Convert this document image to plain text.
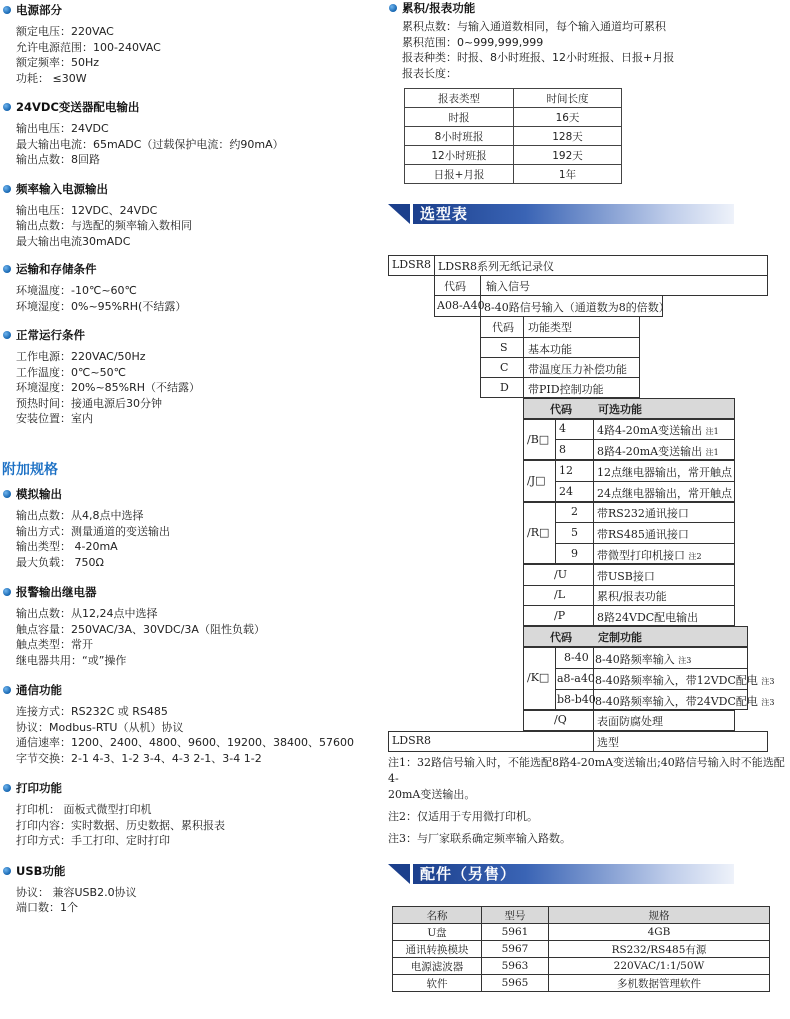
电源部分
额定电压：220VAC
允许电源范围：100-240VAC
额定频率：50Hz
功耗： ≤30W
24VDC变送器配电输出
输出电压：24VDC
最大输出电流：65mADC（过载保护电流：约90mA）
输出点数：8回路
频率输入电源输出
输出电压：12VDC、24VDC
输出点数：与选配的频率输入数相同
最大输出电流30mADC
运输和存储条件
环境温度：-10℃~60℃
环境湿度：0%~95%RH(不结露）
正常运行条件
工作电源：220VAC/50Hz
工作温度：0℃~50℃
环境湿度：20%~85%RH（不结露）
预热时间：接通电源后30分钟
安装位置：室内
附加规格
模拟输出
输出点数：从4,8点中选择
输出方式：测量通道的变送输出
输出类型： 4-20mA
最大负载： 750Ω
报警输出继电器
输出点数：从12,24点中选择
触点容量：250VAC/3A、30VDC/3A（阻性负载）
触点类型：常开
继电器共用：“或”操作
通信功能
连接方式：RS232C 或 RS485
协议：Modbus-RTU（从机）协议
通信速率：1200、2400、4800、9600、19200、38400、57600
字节交换：2-1 4-3、1-2 3-4、4-3 2-1、3-4 1-2
打印功能
打印机： 面板式微型打印机
打印内容：实时数据、历史数据、累积报表
打印方式：手工打印、定时打印
USB功能
协议： 兼容USB2.0协议
端口数：1个
累积/报表功能
累积点数：与输入通道数相同，每个输入通道均可累积
累积范围：0~999,999,999
报表种类：时报、8小时班报、12小时班报、日报+月报
报表长度：
报表类型	时间长度
时报	16天
8小时班报	128天
12小时班报	192天
日报+月报	1年
选型表
LDSR8 LDSR8系列无纸记录仪
代码 输入信号
A08-A40 8-40路信号输入（通道数为8的倍数）
代码 功能类型
S 基本功能
C 带温度压力补偿功能
D 带PID控制功能
代码 可选功能
/B□
4	4路4-20mA变送输出 注1
8	8路4-20mA变送输出 注1
/J□
12 12点继电器输出，常开触点
24 24点继电器输出，常开触点
/R□
2 带RS232通讯接口
5 带RS485通讯接口
9 带微型打印机接口 注2
/U	带USB接口
/L	累积/报表功能
/P	8路24VDC配电输出
代码 定制功能
/K□
8-40 8-40路频率输入 注3
a8-a40 8-40路频率输入，带12VDC配电 注3
b8-b40 8-40路频率输入，带24VDC配电 注3
/Q	表面防腐处理
LDSR8	选型
注1：32路信号输入时，不能选配8路4-20mA变送输出;40路信号输入时不能选配4-
20mA变送输出。
注2：仅适用于专用微打印机。
注3：与厂家联系确定频率输入路数。
配件（另售）
名称	型号	规格
U盘	5961	4GB
通讯转换模块	5967	RS232/RS485有源
电源滤波器	5963	220VAC/1:1/50W
软件	5965	多机数据管理软件
